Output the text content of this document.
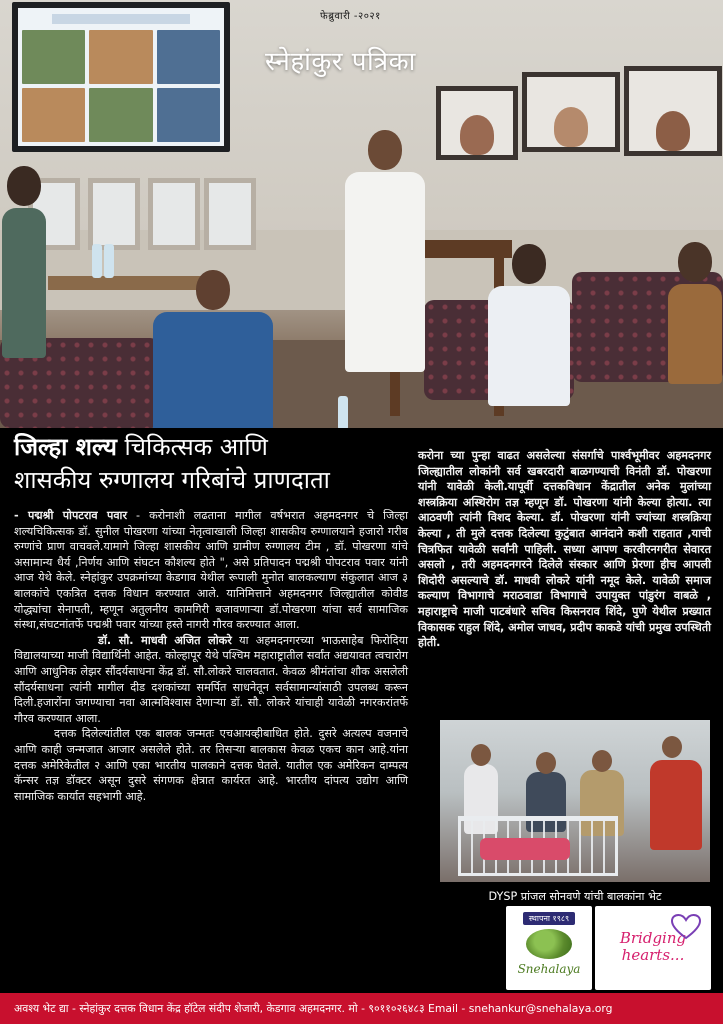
फेब्रुवारी -२०२१
स्नेहांकुर पत्रिका
जिल्हा शल्य चिकित्सक आणि
शासकीय रुग्णालय गरिबांचे प्राणदाता

- पद्मश्री पोपटराव पवार - करोनाशी लढताना मागील वर्षभरात अहमदनगर चे जिल्हा शल्यचिकित्सक डॉ. सुनील पोखरणा यांच्या नेतृत्वाखाली जिल्हा शासकीय रुग्णालयाने हजारो गरीब रुग्णांचे प्राण वाचवले.यामागे जिल्हा शासकीय आणि ग्रामीण रुग्णालय टीम , डॉ. पोखरणा यांचे असामान्य धैर्य ,निर्णय आणि संघटन कौशल्य होते ", असे प्रतिपादन पद्मश्री पोपटराव पवार यांनी आज येथे केले. स्नेहांकुर उपक्रमांच्या केडगाव येथील रूपाली मुनोत बालकल्याण संकुलात आज ३ बालकांचे एकत्रित दत्तक विधान करण्यात आले. यानिमित्ताने अहमदनगर जिल्ह्यातील कोवीड योद्ध्यांचा सेनापती, म्हणून अतुलनीय कामगिरी बजावणाऱ्या डॉ.पोखरणा यांचा सर्व सामाजिक संस्था,संघटनांतर्फे पद्मश्री पवार यांच्या हस्ते नागरी गौरव करण्यात आला.

डॉ. सौ. माधवी अजित लोकरे या अहमदनगरच्या भाऊसाहेब फिरोदिया विद्यालयाच्या माजी विद्यार्थिनी आहेत. कोल्हापूर येथे पश्चिम महाराष्ट्रातील सर्वांत अद्ययावत त्वचारोग आणि आधुनिक लेझर सौंदर्यसाधना केंद्र डॉ. सौ.लोकरे चालवतात. केवळ श्रीमंतांचा शौक असलेली सौंदर्यसाधना त्यांनी मागील दीड दशकांच्या समर्पित साधनेतून सर्वसामान्यांसाठी उपलब्ध करून दिली.हजारोंना जगण्याचा नवा आत्मविश्वास देणाऱ्या डॉ. सौ. लोकरे यांचाही यावेळी नगरकरांतर्फे गौरव करण्यात आला.

दत्तक दिलेल्यांतील एक बालक जन्मतः एचआयव्हीबाधित होते. दुसरे अत्यल्प वजनाचे आणि काही जन्मजात आजार असलेले होते. तर तिसऱ्या बालकास केवळ एकच कान आहे.यांना दत्तक अमेरिकेतील २ आणि एका भारतीय पालकाने दत्तक घेतले. यातील एक अमेरिकन दाम्पत्य कॅन्सर तज्ञ डॉक्टर असून दुसरे संगणक क्षेत्रात कार्यरत आहे. भारतीय दांपत्य उद्योग आणि सामाजिक कार्यात सहभागी आहे.

करोना च्या पुन्हा वाढत असलेल्या संसर्गाचे पार्श्वभूमीवर अहमदनगर जिल्ह्यातील लोकांनी सर्व खबरदारी बाळगण्याची विनंती डॉ. पोखरणा यांनी यावेळी केली.यापूर्वी दत्तकविधान केंद्रातील अनेक मुलांच्या शस्त्रक्रिया अस्थिरोग तज्ञ म्हणून डॉ. पोखरणा यांनी केल्या होत्या. त्या आठवणी त्यांनी विशद केल्या. डॉ. पोखरणा यांनी ज्यांच्या शस्त्रक्रिया केल्या , ती मुले दत्तक दिलेल्या कुटुंबात आनंदाने कशी राहतात ,याची चित्रफित यावेळी सर्वांनी पाहिली. सध्या आपण करवीरनगरीत सेवारत असलो , तरी अहमदनगरने दिलेले संस्कार आणि प्रेरणा हीच आपली शिदोरी असल्याचे डॉ. माधवी लोकरे यांनी नमूद केले. यावेळी समाज कल्याण विभागाचे मराठवाडा विभागाचे उपायुक्त पांडुरंग वाबळे , महाराष्ट्राचे माजी पाटबंधारे सचिव किसनराव शिंदे, पुणे येथील प्रख्यात विकासक राहुल शिंदे, अमोल जाधव, प्रदीप काकडे यांची प्रमुख उपस्थिती होती.

DYSP प्रांजल सोनवणे यांची बालकांना भेट
स्थापना १९८९
Snehalaya
Bridging
hearts...
अवश्य भेट द्या - स्नेहांकुर दत्तक विधान केंद्र हॉटेल संदीप शेजारी, केडगाव अहमदनगर. मो - ९०११०२६४८३ Email - snehankur@snehalaya.org
